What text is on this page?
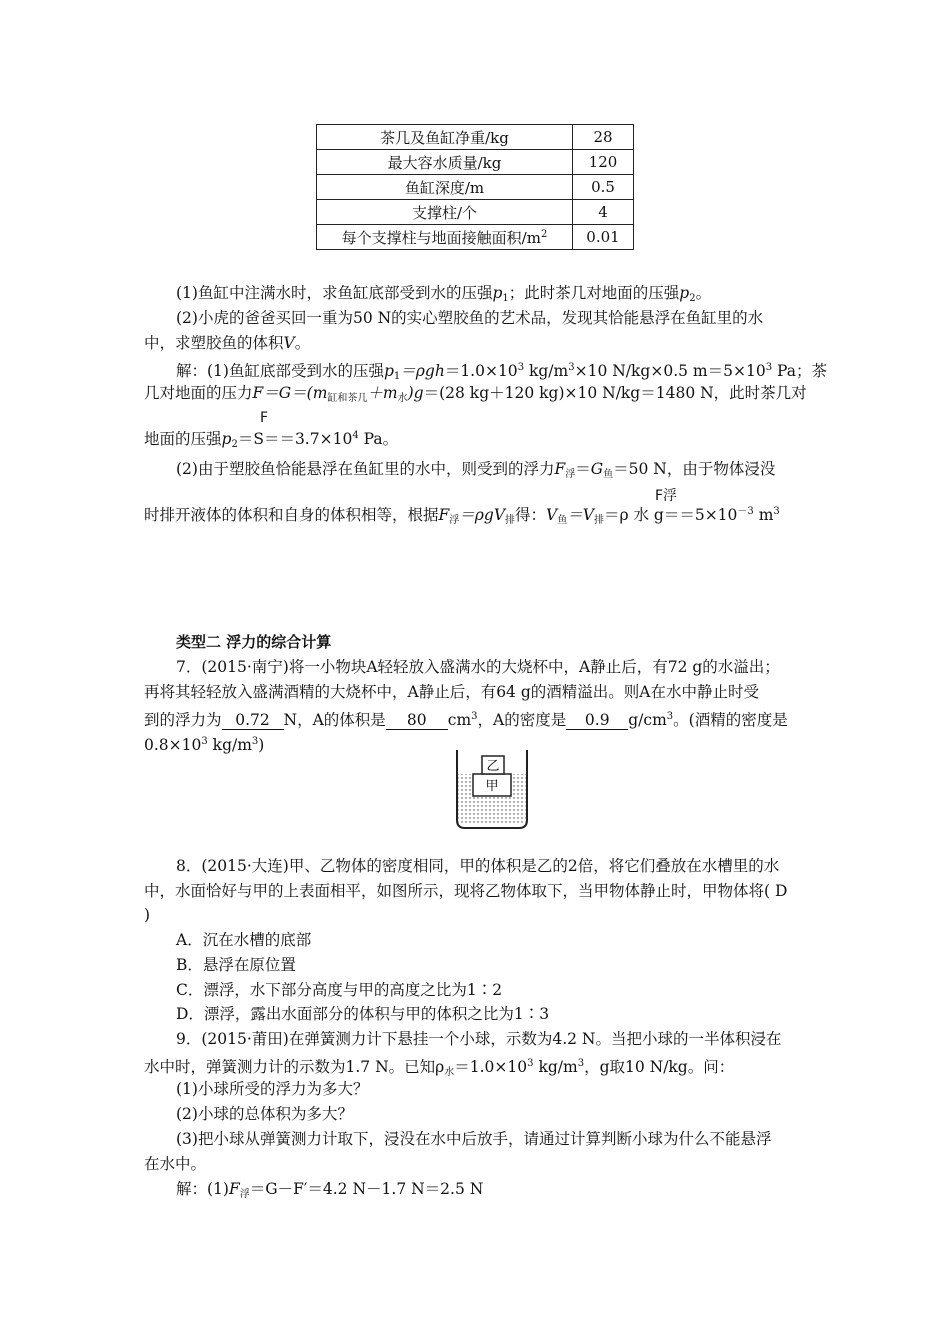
茶几及鱼缸净重/kg	28
最大容水质量/kg	120
鱼缸深度/m	0.5
支撑柱/个	4
每个支撑柱与地面接触面积$/m^2$	0.01
(1)鱼缸中注满水时，求鱼缸底部受到水的压强$p_1$；此时茶几对地面的压强$p_2$。
(2)小虎的爸爸买回一重为50 N的实心塑胶鱼的艺术品，发现其恰能悬浮在鱼缸里的水
中，求塑胶鱼的体积V。
解：(1)鱼缸底部受到水的压强$p_1=\rho gh=1.0\times 10^3$ $kg/m^3\times 10$ N/kg×0.5 $m=5\times 10^3$ Pa；茶
几对地面的压力$F=G=(m_{缸和茶几}+m_水)g=(28$ kg＋120 kg)×10 N/kg＝1480 N，此时茶几对
F
地面的压强$p_2=S==3.7\times 10^4$ Pa。
(2)由于塑胶鱼恰能悬浮在鱼缸里的水中，则受到的浮力$F_浮=G_鱼=50$ N，由于物体浸没
F浮
时排开液体的体积和自身的体积相等，根据$F_浮=\rho gV_排$得：$V_鱼=V_排=\rho$ 水 $g==5\times 10^{-3}$ $m^3$
类型二 浮力的综合计算
7．(2015·南宁)将一小物块A轻轻放入盛满水的大烧杯中，A静止后，有72 g的水溢出；
再将其轻轻放入盛满酒精的大烧杯中，A静止后，有64 g的酒精溢出。则A在水中静止时受
到的浮力为 0.72 N，A的体积是 80 $cm^3$，A的密度是 0.9 $g/cm^3$。(酒精的密度是
$0.8\times 10^3$ $kg/m^3$)
乙
甲
8．(2015·大连)甲、乙物体的密度相同，甲的体积是乙的2倍，将它们叠放在水槽里的水
中，水面恰好与甲的上表面相平，如图所示，现将乙物体取下，当甲物体静止时，甲物体将( D
)
A．沉在水槽的底部
B．悬浮在原位置
C．漂浮，水下部分高度与甲的高度之比为1∶2
D．漂浮，露出水面部分的体积与甲的体积之比为1∶3
9．(2015·莆田)在弹簧测力计下悬挂一个小球，示数为4.2 N。当把小球的一半体积浸在
水中时，弹簧测力计的示数为1.7 N。已知$\rho_水=1.0\times 10^3$ $kg/m^3$，g取10 N/kg。问：
(1)小球所受的浮力为多大？
(2)小球的总体积为多大？
(3)把小球从弹簧测力计取下，浸没在水中后放手，请通过计算判断小球为什么不能悬浮
在水中。
解：$(1)F_浮=G-F'=4.2$ N－1.7 N＝2.5 N
